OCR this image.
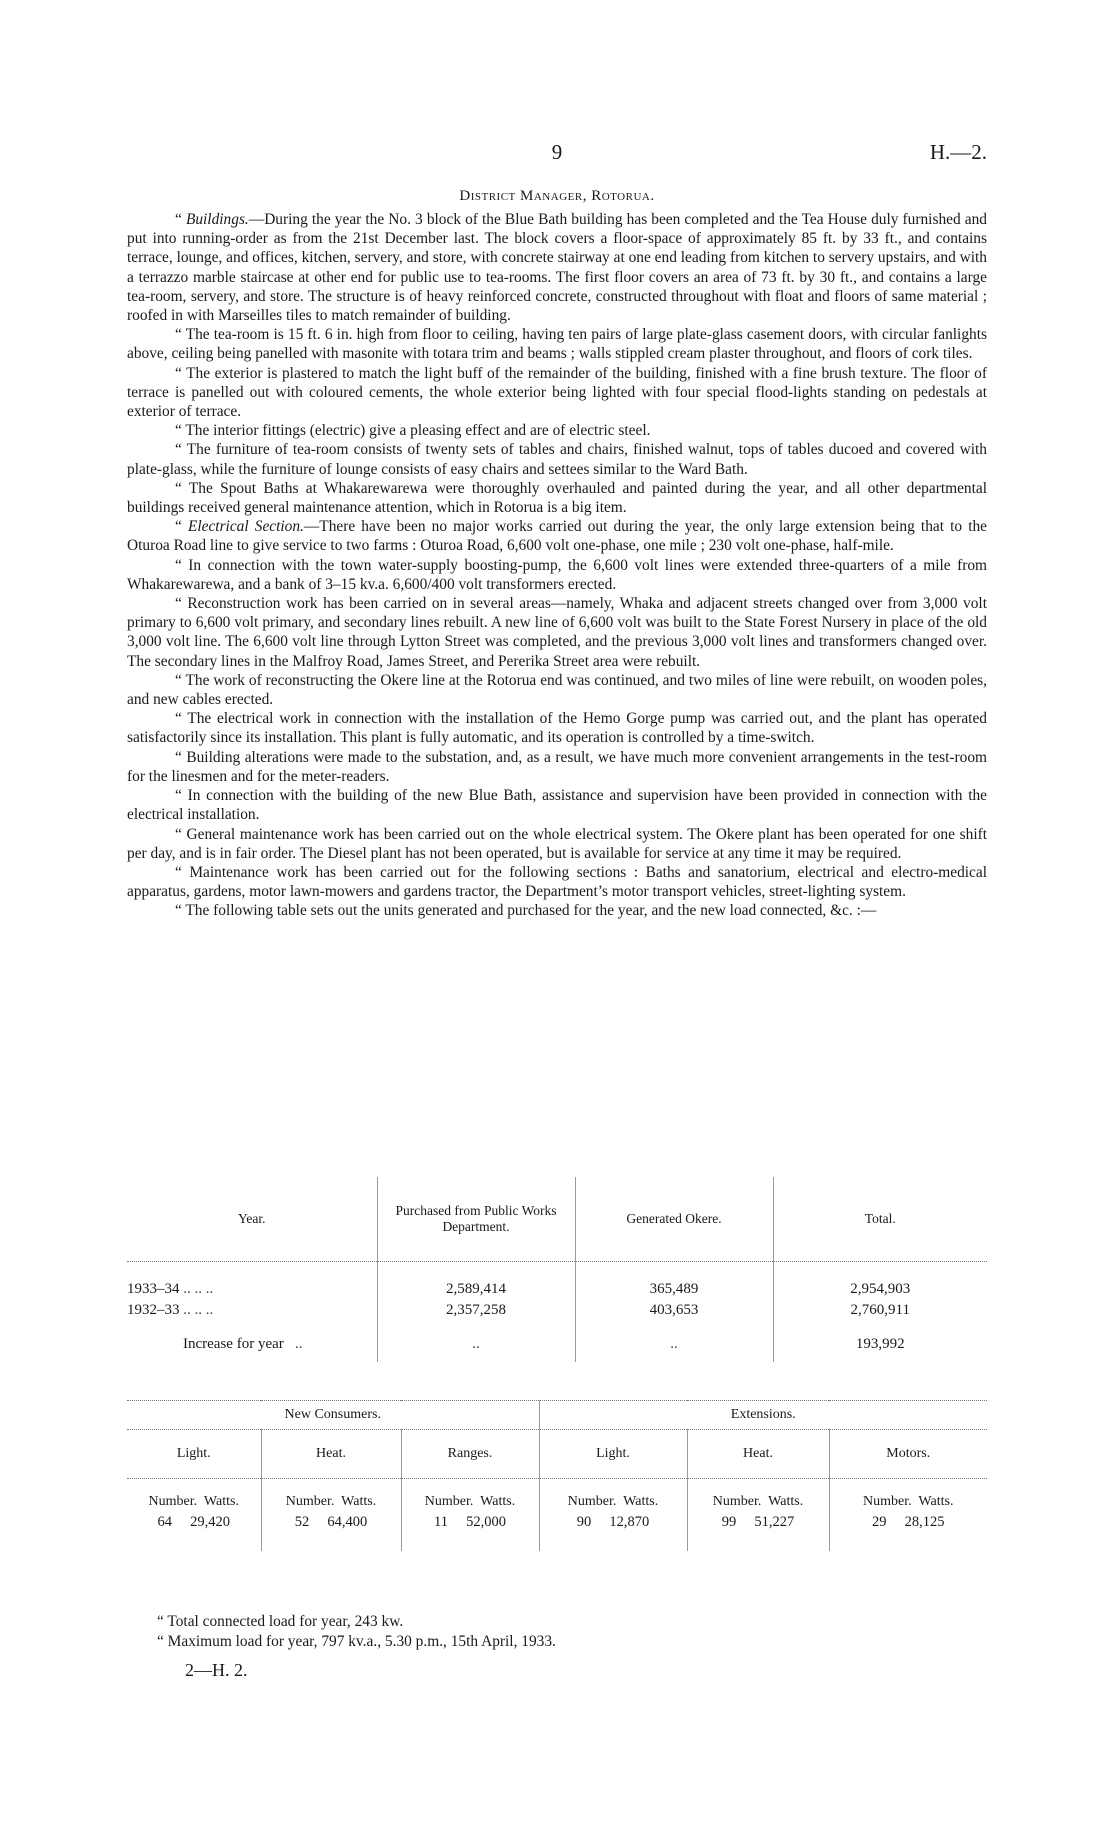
9	H.—2.
District Manager, Rotorua.

“ Buildings.—During the year the No. 3 block of the Blue Bath building has been completed and the Tea House duly furnished and put into running-order as from the 21st December last. The block covers a floor-space of approximately 85 ft. by 33 ft., and contains terrace, lounge, and offices, kitchen, servery, and store, with concrete stairway at one end leading from kitchen to servery upstairs, and with a terrazzo marble staircase at other end for public use to tea-rooms. The first floor covers an area of 73 ft. by 30 ft., and contains a large tea-room, servery, and store. The structure is of heavy reinforced concrete, constructed throughout with float and floors of same material ; roofed in with Marseilles tiles to match remainder of building.

“ The tea-room is 15 ft. 6 in. high from floor to ceiling, having ten pairs of large plate-glass casement doors, with circular fanlights above, ceiling being panelled with masonite with totara trim and beams ; walls stippled cream plaster throughout, and floors of cork tiles.

“ The exterior is plastered to match the light buff of the remainder of the building, finished with a fine brush texture. The floor of terrace is panelled out with coloured cements, the whole exterior being lighted with four special flood-lights standing on pedestals at exterior of terrace.

“ The interior fittings (electric) give a pleasing effect and are of electric steel.

“ The furniture of tea-room consists of twenty sets of tables and chairs, finished walnut, tops of tables ducoed and covered with plate-glass, while the furniture of lounge consists of easy chairs and settees similar to the Ward Bath.

“ The Spout Baths at Whakarewarewa were thoroughly overhauled and painted during the year, and all other departmental buildings received general maintenance attention, which in Rotorua is a big item.

“ Electrical Section.—There have been no major works carried out during the year, the only large extension being that to the Oturoa Road line to give service to two farms : Oturoa Road, 6,600 volt one-phase, one mile ; 230 volt one-phase, half-mile.

“ In connection with the town water-supply boosting-pump, the 6,600 volt lines were extended three-quarters of a mile from Whakarewarewa, and a bank of 3–15 kv.a. 6,600/400 volt transformers erected.

“ Reconstruction work has been carried on in several areas—namely, Whaka and adjacent streets changed over from 3,000 volt primary to 6,600 volt primary, and secondary lines rebuilt. A new line of 6,600 volt was built to the State Forest Nursery in place of the old 3,000 volt line. The 6,600 volt line through Lytton Street was completed, and the previous 3,000 volt lines and transformers changed over. The secondary lines in the Malfroy Road, James Street, and Pererika Street area were rebuilt.

“ The work of reconstructing the Okere line at the Rotorua end was continued, and two miles of line were rebuilt, on wooden poles, and new cables erected.

“ The electrical work in connection with the installation of the Hemo Gorge pump was carried out, and the plant has operated satisfactorily since its installation. This plant is fully automatic, and its operation is controlled by a time-switch.

“ Building alterations were made to the substation, and, as a result, we have much more convenient arrangements in the test-room for the linesmen and for the meter-readers.

“ In connection with the building of the new Blue Bath, assistance and supervision have been provided in connection with the electrical installation.

“ General maintenance work has been carried out on the whole electrical system. The Okere plant has been operated for one shift per day, and is in fair order. The Diesel plant has not been operated, but is available for service at any time it may be required.

“ Maintenance work has been carried out for the following sections : Baths and sanatorium, electrical and electro-medical apparatus, gardens, motor lawn-mowers and gardens tractor, the Department’s motor transport vehicles, street-lighting system.

“ The following table sets out the units generated and purchased for the year, and the new load connected, &c. :—

Year.	Purchased from Public Works Department.	Generated Okere.	Total.
1933–34 .. .. ..	2,589,414	365,489	2,954,903
1932–33 .. .. ..	2,357,258	403,653	2,760,911
Increase for year ..	..	..	193,992
New Consumers.			Extensions.		
Light.	Heat.	Ranges.	Light.	Heat.	Motors.
Number. Watts.	Number. Watts.	Number. Watts.	Number. Watts.	Number. Watts.	Number. Watts.
64 29,420	52 64,400	11 52,000	90 12,870	99 51,227	29 28,125

“ Total connected load for year, 243 kw.

“ Maximum load for year, 797 kv.a., 5.30 p.m., 15th April, 1933.

2—H. 2.
